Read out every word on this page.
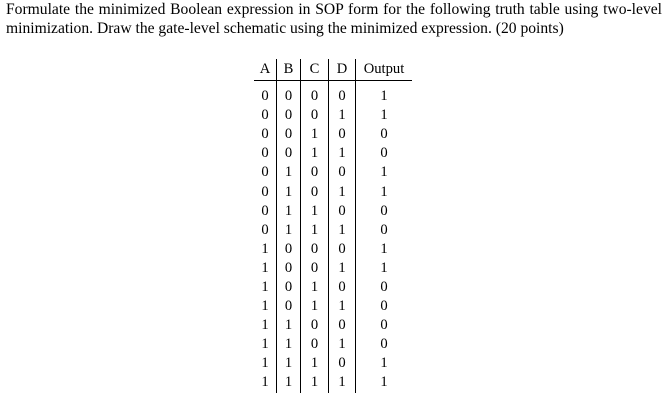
Formulate the minimized Boolean expression in SOP form for the following truth table using two-level minimization. Draw the gate-level schematic using the minimized expression. (20 points)

A	B	C	D	Output
0	0	0	0	1
0	0	0	1	1
0	0	1	0	0
0	0	1	1	0
0	1	0	0	1
0	1	0	1	1
0	1	1	0	0
0	1	1	1	0
1	0	0	0	1
1	0	0	1	1
1	0	1	0	0
1	0	1	1	0
1	1	0	0	0
1	1	0	1	0
1	1	1	0	1
1	1	1	1	1
